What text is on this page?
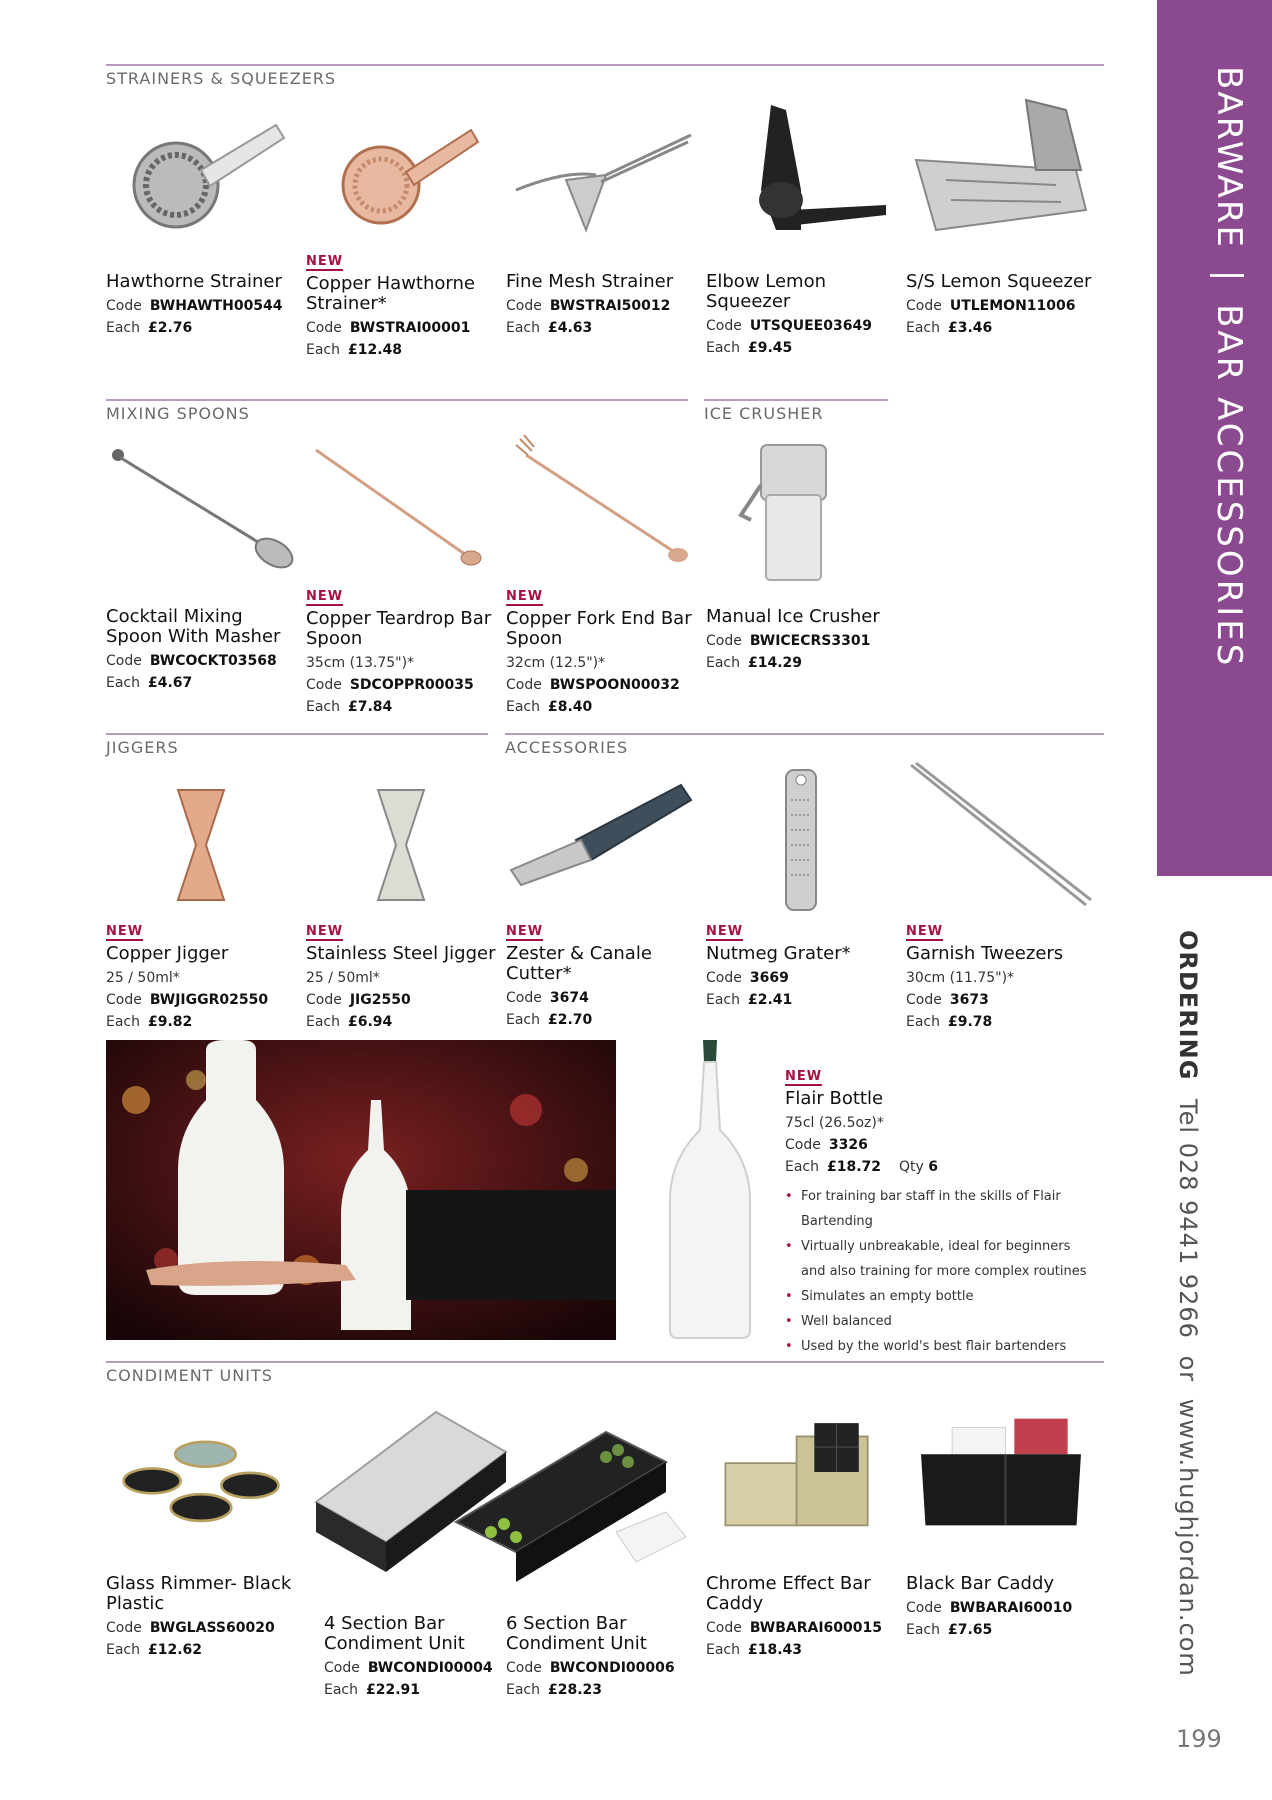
STRAINERS & SQUEEZERS
MIXING SPOONS	ICE CRUSHER
JIGGERS	ACCESSORIES
CONDIMENT UNITS
Hawthorne Strainer
Code BWHAWTH00544
Each £2.76
NEW
Copper Hawthorne Strainer*
Code BWSTRAI00001
Each £12.48
Fine Mesh Strainer
Code BWSTRAI50012
Each £4.63
Elbow Lemon Squeezer
Code UTSQUEE03649
Each £9.45
S/S Lemon Squeezer
Code UTLEMON11006
Each £3.46
Cocktail Mixing Spoon With Masher
Code BWCOCKT03568
Each £4.67
NEW
Copper Teardrop Bar Spoon
35cm (13.75")*
Code SDCOPPR00035
Each £7.84
NEW
Copper Fork End Bar Spoon
32cm (12.5")*
Code BWSPOON00032
Each £8.40
Manual Ice Crusher
Code BWICECRS3301
Each £14.29
NEW
Copper Jigger
25 / 50ml*
Code BWJIGGR02550
Each £9.82
NEW
Stainless Steel Jigger
25 / 50ml*
Code JIG2550
Each £6.94
NEW
Zester & Canale Cutter*
Code 3674
Each £2.70
NEW
Nutmeg Grater*
Code 3669
Each £2.41
NEW
Garnish Tweezers
30cm (11.75")*
Code 3673
Each £9.78
NEW
Flair Bottle
75cl (26.5oz)*
Code 3326
Each £18.72 Qty 6
• For training bar staff in the skills of Flair Bartending
• Virtually unbreakable, ideal for beginners and also training for more complex routines
• Simulates an empty bottle
• Well balanced
• Used by the world's best flair bartenders
Glass Rimmer- Black Plastic
Code BWGLASS60020
Each £12.62
4 Section Bar Condiment Unit
Code BWCONDI00004
Each £22.91
6 Section Bar Condiment Unit
Code BWCONDI00006
Each £28.23
Chrome Effect Bar Caddy
Code BWBARAI600015
Each £18.43
Black Bar Caddy
Code BWBARAI60010
Each £7.65
BARWARE | BAR ACCESSORIES
ORDERING Tel 028 9441 9266 or www.hughjordan.com
199
